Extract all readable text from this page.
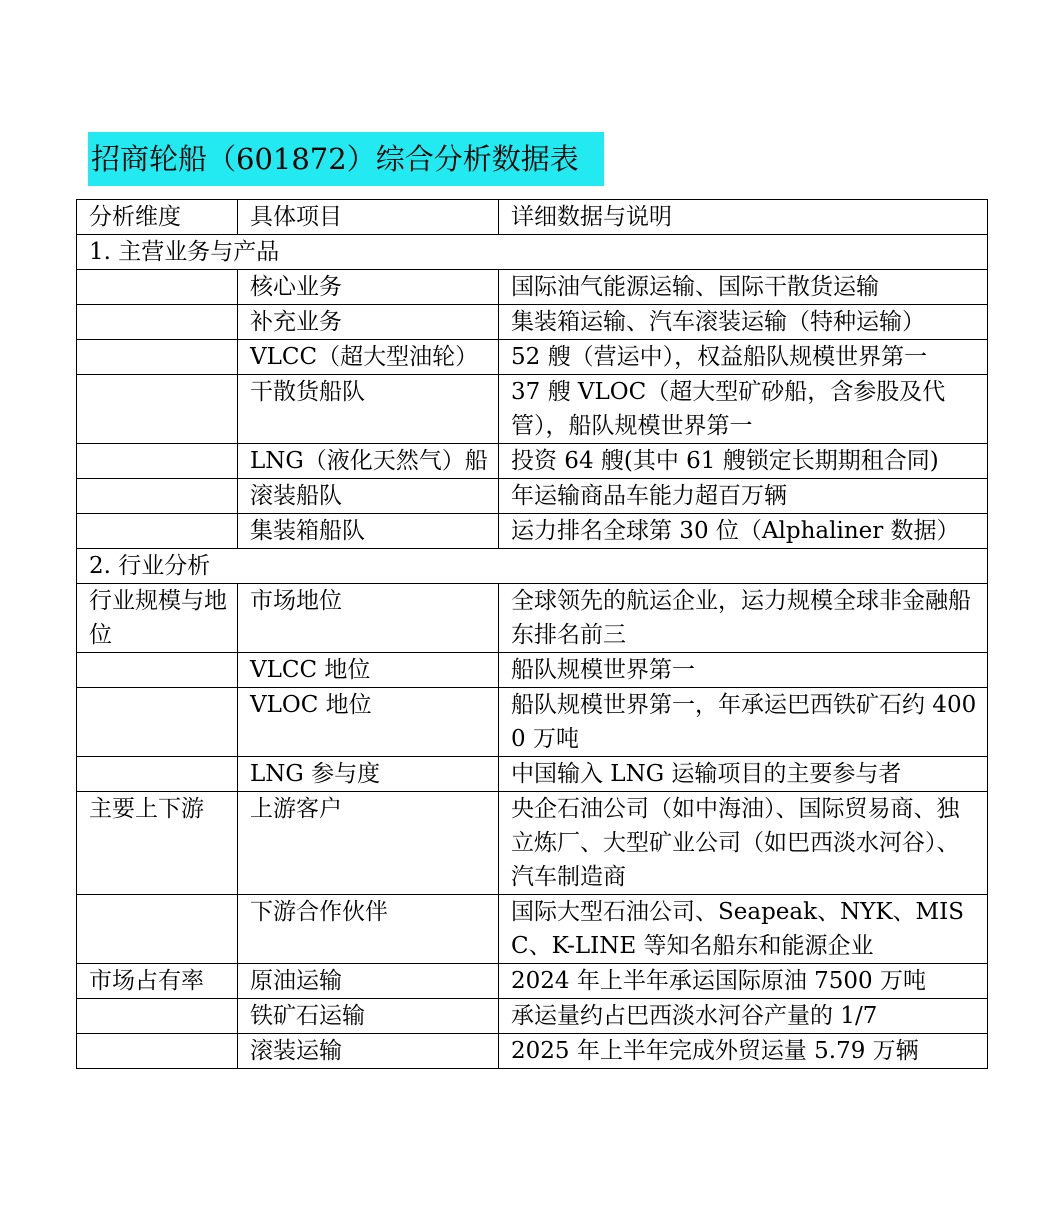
招商轮船（601872）综合分析数据表
分析维度	具体项目	详细数据与说明
1. 主营业务与产品		
	核心业务	国际油气能源运输、国际干散货运输
	补充业务	集装箱运输、汽车滚装运输（特种运输）
	VLCC（超大型油轮）	52 艘（营运中），权益船队规模世界第一
	干散货船队	37 艘 VLOC（超大型矿砂船，含参股及代管），船队规模世界第一
	LNG（液化天然气）船	投资 64 艘(其中 61 艘锁定长期期租合同)
	滚装船队	年运输商品车能力超百万辆
	集装箱船队	运力排名全球第 30 位（Alphaliner 数据）
2. 行业分析		
行业规模与地位	市场地位	全球领先的航运企业，运力规模全球非金融船东排名前三
	VLCC 地位	船队规模世界第一
	VLOC 地位	船队规模世界第一，年承运巴西铁矿石约 4000 万吨
	LNG 参与度	中国输入 LNG 运输项目的主要参与者
主要上下游	上游客户	央企石油公司（如中海油）、国际贸易商、独立炼厂、大型矿业公司（如巴西淡水河谷）、汽车制造商
	下游合作伙伴	国际大型石油公司、Seapeak、NYK、MISC、K-LINE 等知名船东和能源企业
市场占有率	原油运输	2024 年上半年承运国际原油 7500 万吨
	铁矿石运输	承运量约占巴西淡水河谷产量的 1/7
	滚装运输	2025 年上半年完成外贸运量 5.79 万辆
